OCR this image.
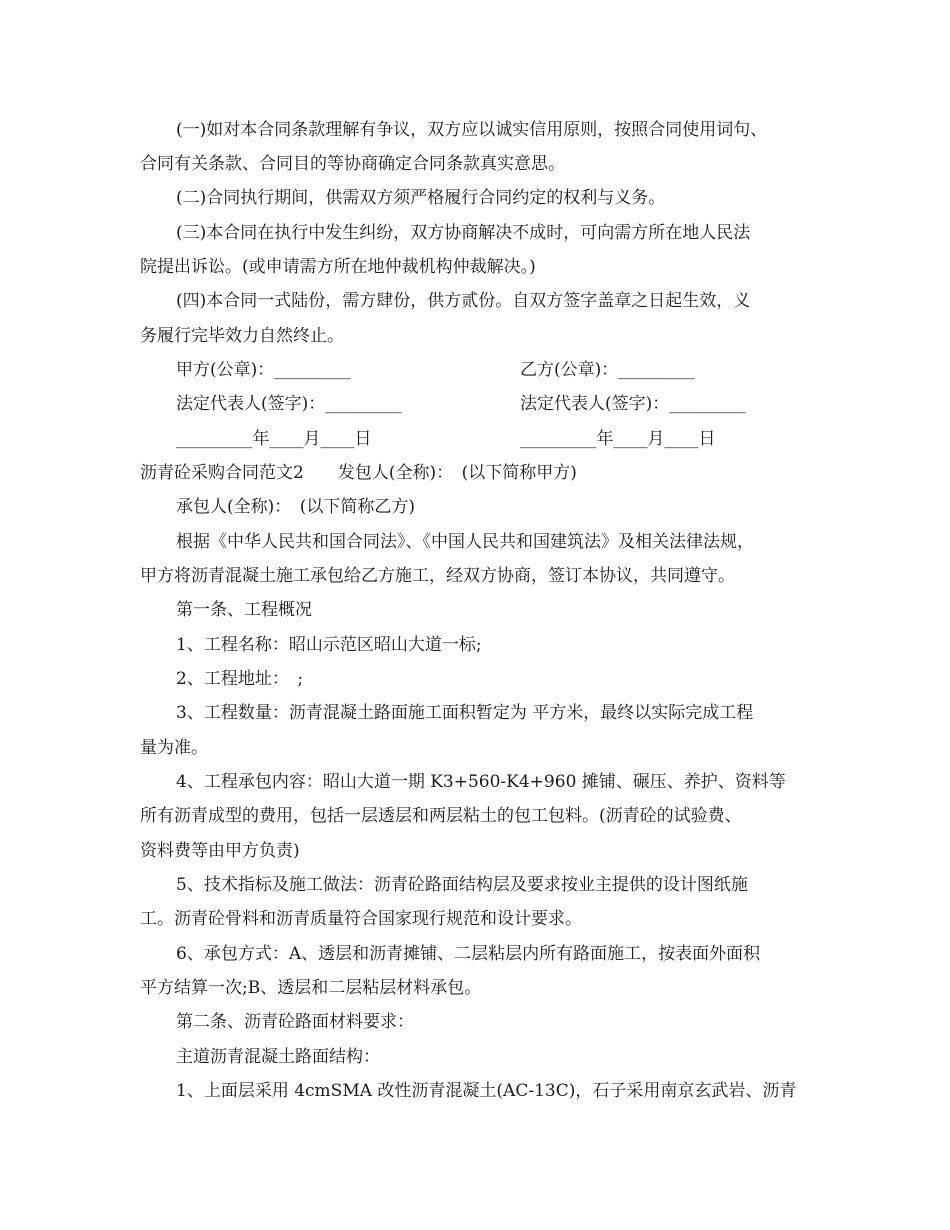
(一)如对本合同条款理解有争议，双方应以诚实信用原则，按照合同使用词句、
合同有关条款、合同目的等协商确定合同条款真实意思。
(二)合同执行期间，供需双方须严格履行合同约定的权利与义务。
(三)本合同在执行中发生纠纷，双方协商解决不成时，可向需方所在地人民法
院提出诉讼。(或申请需方所在地仲裁机构仲裁解决。)
(四)本合同一式陆份，需方肆份，供方贰份。自双方签字盖章之日起生效，义
务履行完毕效力自然终止。
甲方(公章)：_________	乙方(公章)：_________
法定代表人(签字)：_________	法定代表人(签字)：_________
_________年____月____日	_________年____月____日
沥青砼采购合同范文2　　发包人(全称)：　(以下简称甲方)
承包人(全称)：　(以下简称乙方)
根据《中华人民共和国合同法》、《中国人民共和国建筑法》及相关法律法规，
甲方将沥青混凝土施工承包给乙方施工，经双方协商，签订本协议，共同遵守。
第一条、工程概况
1、工程名称：昭山示范区昭山大道一标;
2、工程地址：　;
3、工程数量：沥青混凝土路面施工面积暂定为 平方米，最终以实际完成工程
量为准。
4、工程承包内容：昭山大道一期 K3+560-K4+960 摊铺、碾压、养护、资料等
所有沥青成型的费用，包括一层透层和两层粘土的包工包料。(沥青砼的试验费、
资料费等由甲方负责)
5、技术指标及施工做法：沥青砼路面结构层及要求按业主提供的设计图纸施
工。沥青砼骨料和沥青质量符合国家现行规范和设计要求。
6、承包方式：A、透层和沥青摊铺、二层粘层内所有路面施工，按表面外面积
平方结算一次;B、透层和二层粘层材料承包。
第二条、沥青砼路面材料要求：
主道沥青混凝土路面结构：
1、上面层采用 4cmSMA 改性沥青混凝土(AC-13C)，石子采用南京玄武岩、沥青
